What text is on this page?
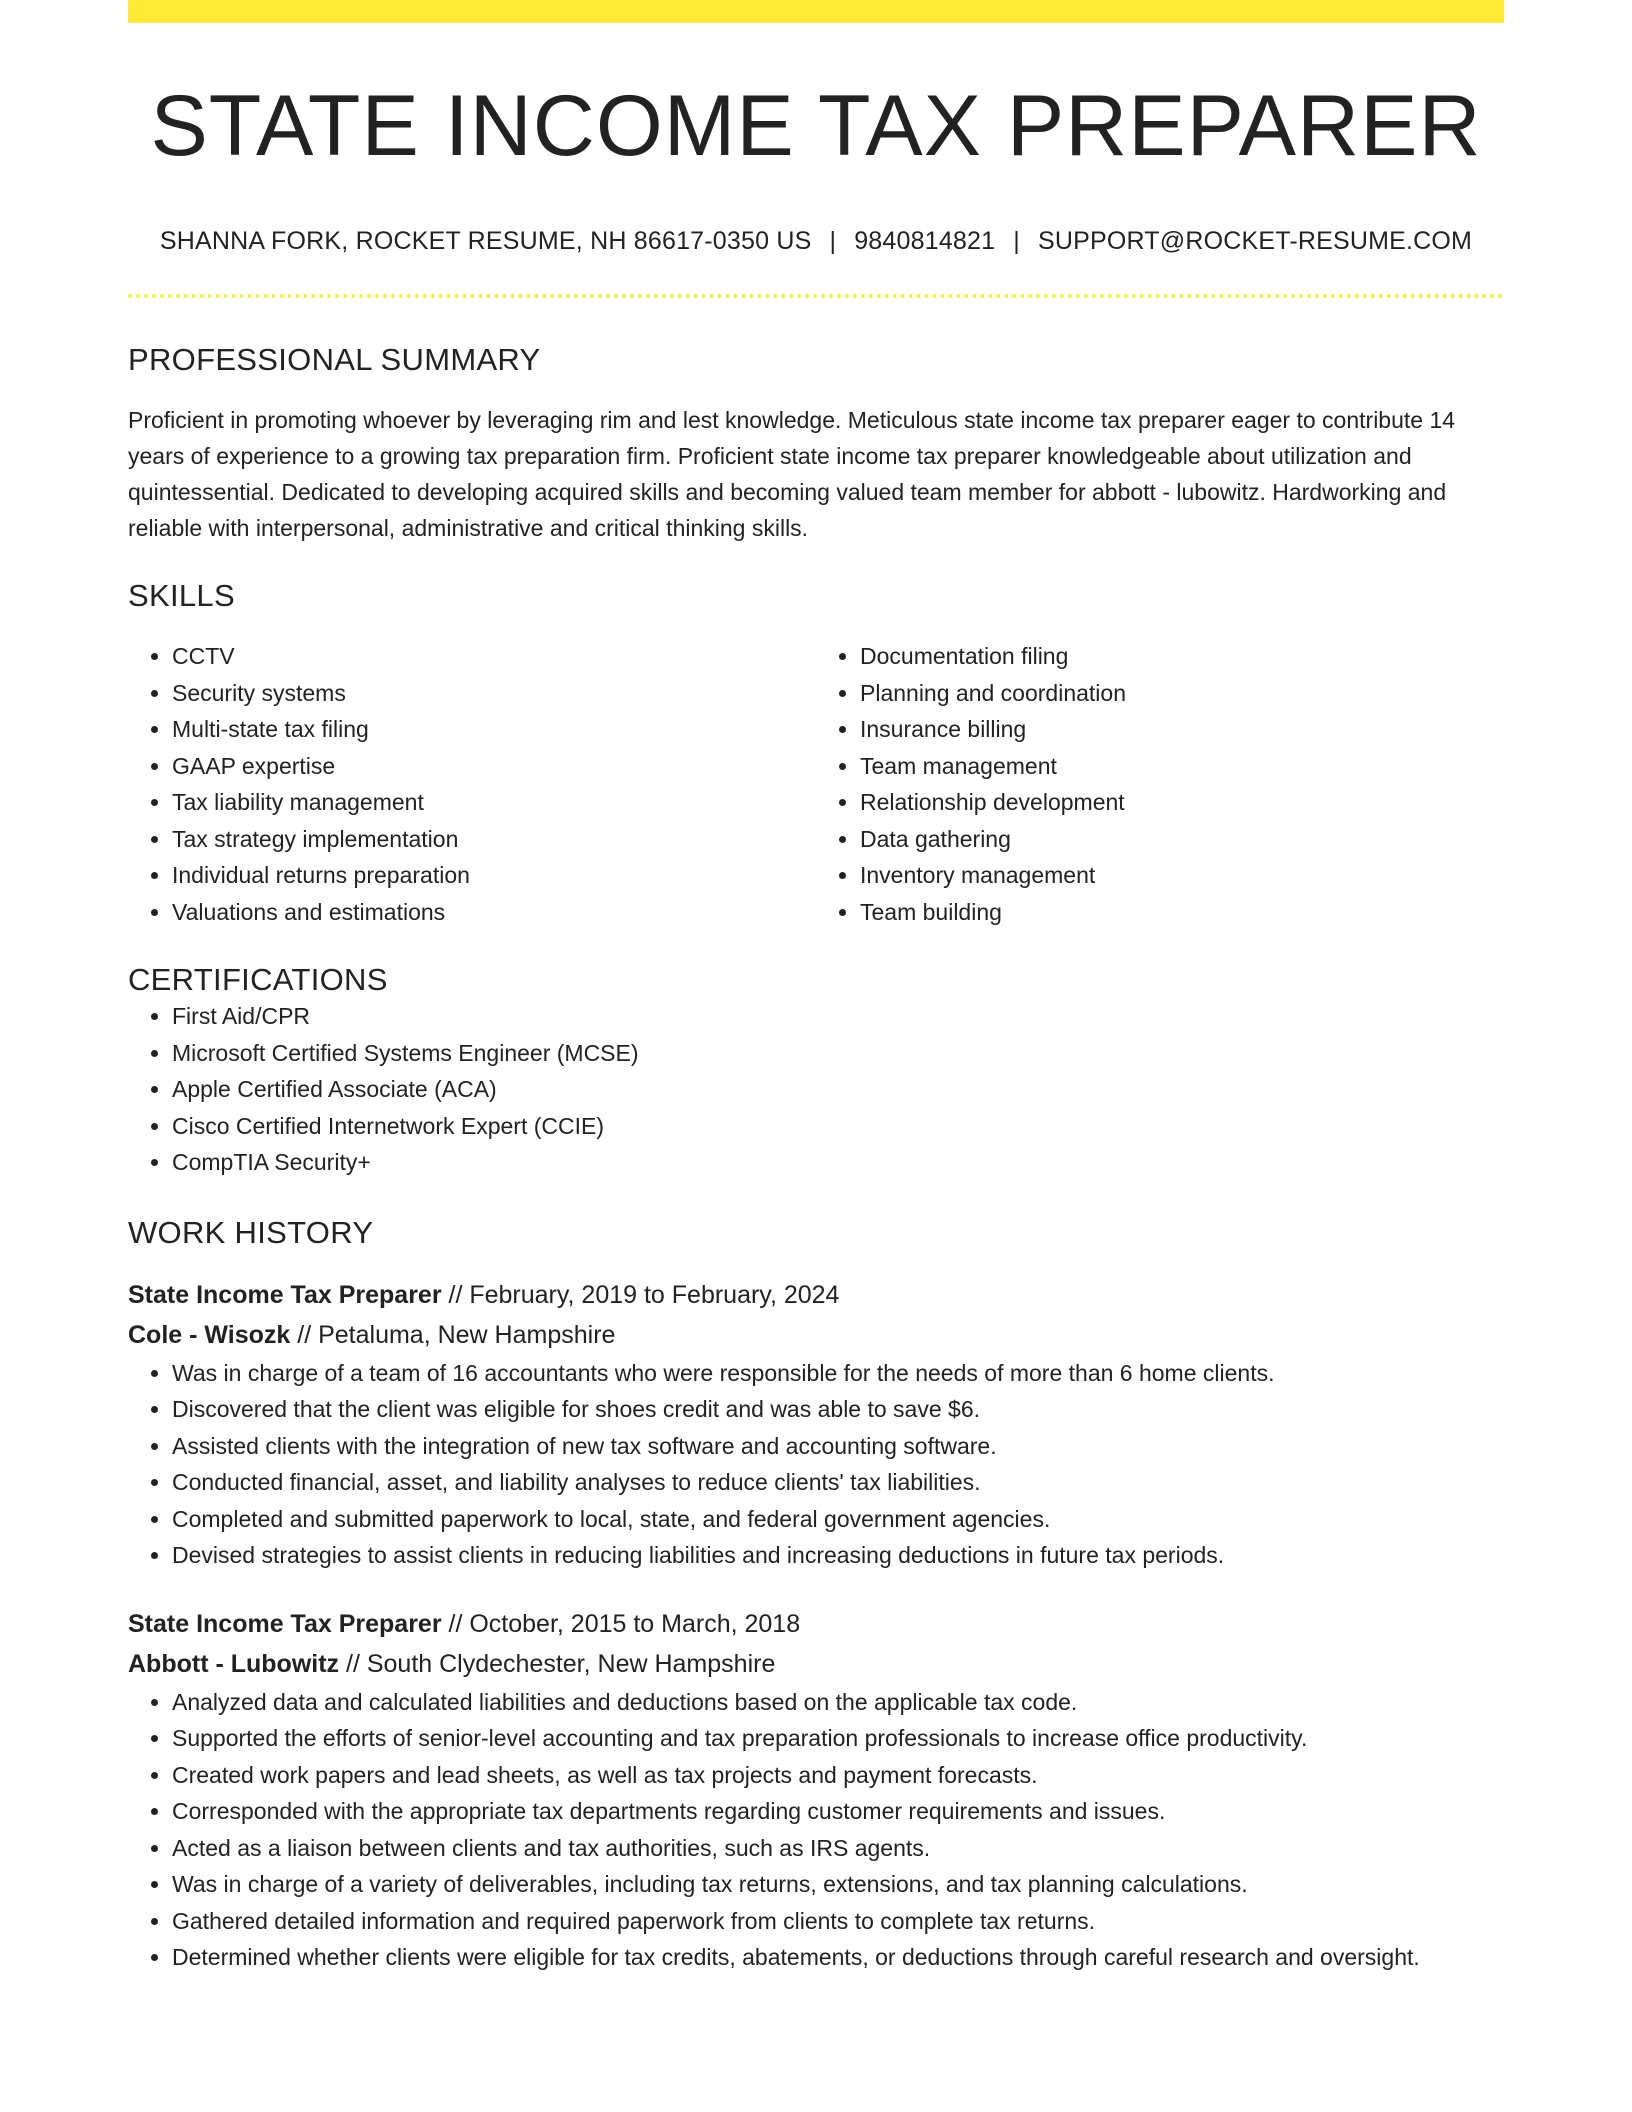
STATE INCOME TAX PREPARER
SHANNA FORK, ROCKET RESUME, NH 86617-0350 US | 9840814821 | SUPPORT@ROCKET-RESUME.COM
PROFESSIONAL SUMMARY

Proficient in promoting whoever by leveraging rim and lest knowledge. Meticulous state income tax preparer eager to contribute 14 years of experience to a growing tax preparation firm. Proficient state income tax preparer knowledgeable about utilization and quintessential. Dedicated to developing acquired skills and becoming valued team member for abbott - lubowitz. Hardworking and reliable with interpersonal, administrative and critical thinking skills.

SKILLS
• CCTV
• Security systems
• Multi-state tax filing
• GAAP expertise
• Tax liability management
• Tax strategy implementation
• Individual returns preparation
• Valuations and estimations
• Documentation filing
• Planning and coordination
• Insurance billing
• Team management
• Relationship development
• Data gathering
• Inventory management
• Team building
CERTIFICATIONS
• First Aid/CPR
• Microsoft Certified Systems Engineer (MCSE)
• Apple Certified Associate (ACA)
• Cisco Certified Internetwork Expert (CCIE)
• CompTIA Security+
WORK HISTORY
State Income Tax Preparer // February, 2019 to February, 2024
Cole - Wisozk // Petaluma, New Hampshire
• Was in charge of a team of 16 accountants who were responsible for the needs of more than 6 home clients.
• Discovered that the client was eligible for shoes credit and was able to save $6.
• Assisted clients with the integration of new tax software and accounting software.
• Conducted financial, asset, and liability analyses to reduce clients' tax liabilities.
• Completed and submitted paperwork to local, state, and federal government agencies.
• Devised strategies to assist clients in reducing liabilities and increasing deductions in future tax periods.
State Income Tax Preparer // October, 2015 to March, 2018
Abbott - Lubowitz // South Clydechester, New Hampshire
• Analyzed data and calculated liabilities and deductions based on the applicable tax code.
• Supported the efforts of senior-level accounting and tax preparation professionals to increase office productivity.
• Created work papers and lead sheets, as well as tax projects and payment forecasts.
• Corresponded with the appropriate tax departments regarding customer requirements and issues.
• Acted as a liaison between clients and tax authorities, such as IRS agents.
• Was in charge of a variety of deliverables, including tax returns, extensions, and tax planning calculations.
• Gathered detailed information and required paperwork from clients to complete tax returns.
• Determined whether clients were eligible for tax credits, abatements, or deductions through careful research and oversight.
